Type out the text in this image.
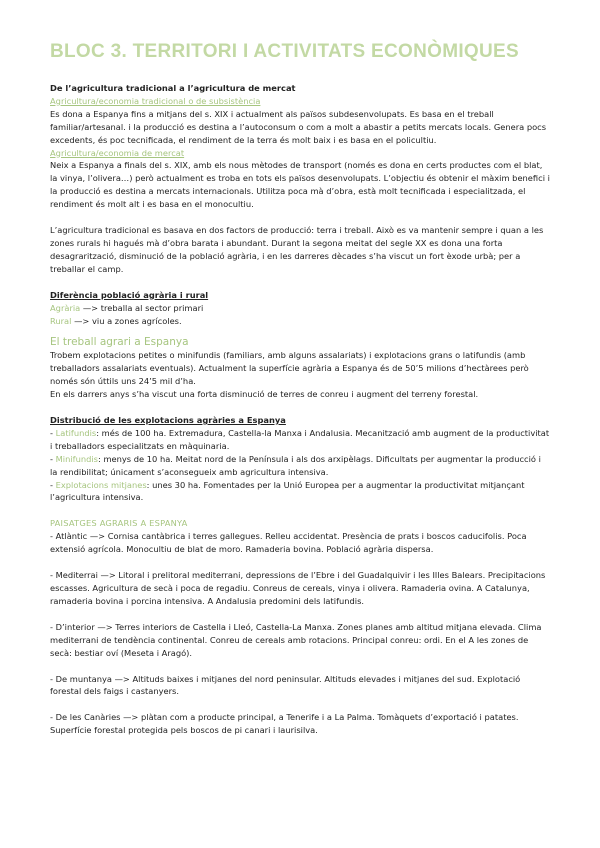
BLOC 3. TERRITORI I ACTIVITATS ECONÒMIQUES

De l’agricultura tradicional a l’agricultura de mercat

Agricultura/economia tradicional o de subsistència

Es dona a Espanya fins a mitjans del s. XIX i actualment als països subdesenvolupats. Es basa en el treball familiar/artesanal. i la producció es destina a l’autoconsum o com a molt a abastir a petits mercats locals. Genera pocs excedents, és poc tecnificada, el rendiment de la terra és molt baix i es basa en el policultiu.

Agricultura/economia de mercat

Neix a Espanya a finals del s. XIX, amb els nous mètodes de transport (només es dona en certs productes com el blat, la vinya, l’olivera…) però actualment es troba en tots els països desenvolupats. L’objectiu és obtenir el màxim benefici i la producció es destina a mercats internacionals. Utilitza poca mà d’obra, està molt tecnificada i especialitzada, el rendiment és molt alt i es basa en el monocultiu.

L’agricultura tradicional es basava en dos factors de producció: terra i treball. Això es va mantenir sempre i quan a les zones rurals hi hagués mà d’obra barata i abundant. Durant la segona meitat del segle XX es dona una forta desagrarització, disminució de la població agrària, i en les darreres dècades s’ha viscut un fort èxode urbà; per a treballar el camp.

Diferència població agrària i rural

Agrària —> treballa al sector primari

Rural —> viu a zones agrícoles.

El treball agrari a Espanya

Trobem explotacions petites o minifundis (familiars, amb alguns assalariats) i explotacions grans o latifundis (amb treballadors assalariats eventuals). Actualment la superfície agrària a Espanya és de 50’5 milions d’hectàrees però només són úttils uns 24’5 mil d’ha.

En els darrers anys s’ha viscut una forta disminució de terres de conreu i augment del terreny forestal.

Distribució de les explotacions agràries a Espanya

- Latifundis: més de 100 ha. Extremadura, Castella-la Manxa i Andalusia. Mecanització amb augment de la productivitat i treballadors especialitzats en màquinaria.

- Minifundis: menys de 10 ha. Meitat nord de la Península i als dos arxipèlags. Dificultats per augmentar la producció i la rendibilitat; únicament s’aconsegueix amb agricultura intensiva.

- Explotacions mitjanes: unes 30 ha. Fomentades per la Unió Europea per a augmentar la productivitat mitjançant l’agricultura intensiva.

PAISATGES AGRARIS A ESPANYA

- Atlàntic —> Cornisa cantàbrica i terres gallegues. Relleu accidentat. Presència de prats i boscos caducifolis. Poca extensió agrícola. Monocultiu de blat de moro. Ramaderia bovina. Població agrària dispersa.

- Mediterrai —> Litoral i prelitoral mediterrani, depressions de l’Ebre i del Guadalquivir i les Illes Balears. Precipitacions escasses. Agricultura de secà i poca de regadiu. Conreus de cereals, vinya i olivera. Ramaderia ovina. A Catalunya, ramaderia bovina i porcina intensiva. A Andalusia predomini dels latifundis.

- D’interior —> Terres interiors de Castella i Lleó, Castella-La Manxa. Zones planes amb altitud mitjana elevada. Clima mediterrani de tendència continental. Conreu de cereals amb rotacions. Principal conreu: ordi. En el A les zones de secà: bestiar oví (Meseta i Aragó).

- De muntanya —> Altituds baixes i mitjanes del nord peninsular. Altituds elevades i mitjanes del sud. Explotació forestal dels faigs i castanyers.

- De les Canàries —> plàtan com a producte principal, a Tenerife i a La Palma. Tomàquets d’exportació i patates. Superfície forestal protegida pels boscos de pi canari i laurisilva.
